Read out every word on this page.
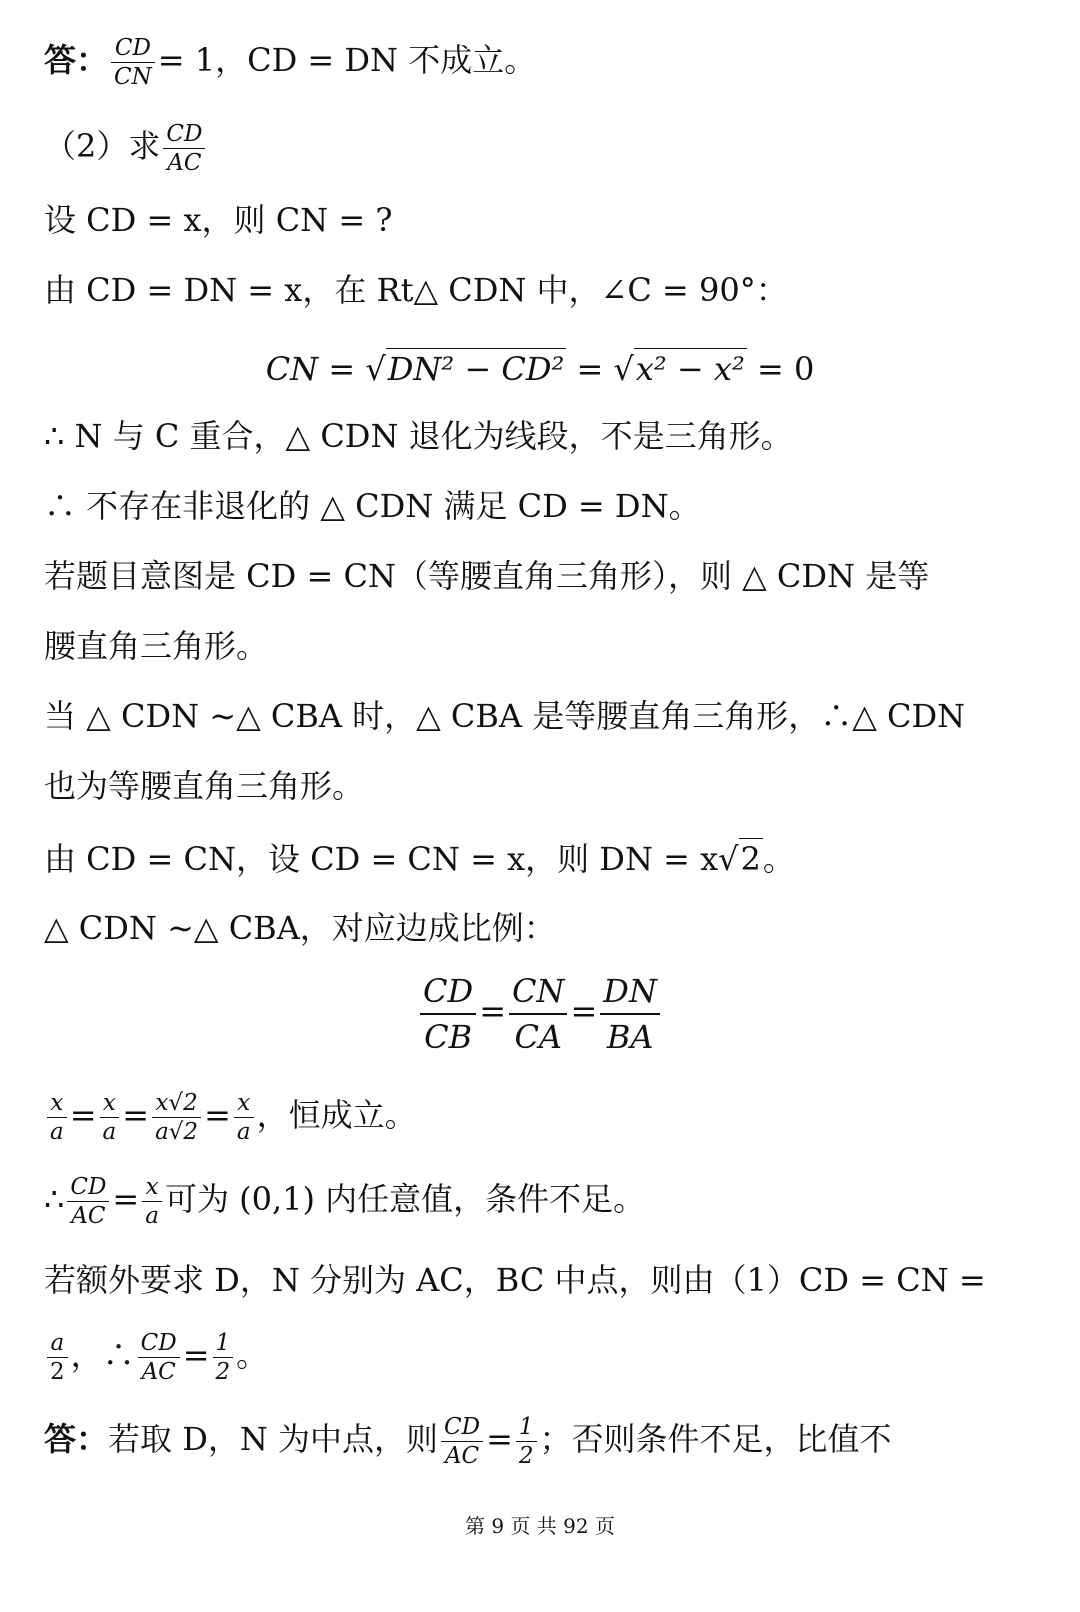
答： $\frac{CD}{CN} = 1$，CD = DN 不成立。
（2）求 $\frac{CD}{AC}$
设 CD = x，则 CN = ?
由 CD = DN = x，在 Rt△ CDN 中，∠C = 90°：
CN = √DN² − CD² = √x² − x² = 0
∴ N 与 C 重合，△ CDN 退化为线段，不是三角形。
∴ 不存在非退化的 △ CDN 满足 CD = DN。
若题目意图是 CD = CN（等腰直角三角形），则 △ CDN 是等
腰直角三角形。
当 △ CDN ∼△ CBA 时，△ CBA 是等腰直角三角形，∴△ CDN
也为等腰直角三角形。
由 CD = CN，设 CD = CN = x，则 DN = x√2。
△ CDN ∼△ CBA，对应边成比例：
$\frac{CD}{CB} = \frac{CN}{CA} = \frac{DN}{BA}$
$\frac{x}{a} = \frac{x}{a} = \frac{x√2}{a√2} = \frac{x}{a}$ ，恒成立。
∴ $\frac{CD}{AC} = \frac{x}{a}$ 可为 (0,1) 内任意值，条件不足。
若额外要求 D，N 分别为 AC，BC 中点，则由（1）CD = CN =
$\frac{a}{2}$ ，∴ $\frac{CD}{AC} = \frac{1}{2}$ 。
答：若取 D，N 为中点，则 $\frac{CD}{AC} = \frac{1}{2}$ ；否则条件不足，比值不
第 9 页 共 92 页
